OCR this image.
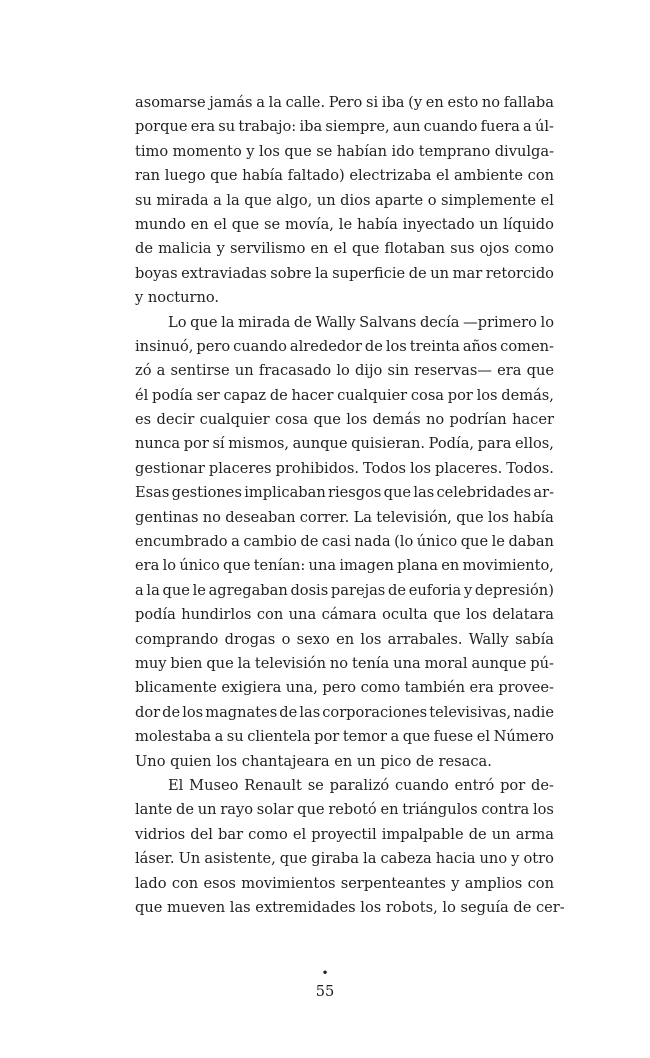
asomarse jamás a la calle. Pero si iba (y en esto no fallaba
porque era su trabajo: iba siempre, aun cuando fuera a úl-
timo momento y los que se habían ido temprano divulga-
ran luego que había faltado) electrizaba el ambiente con
su mirada a la que algo, un dios aparte o simplemente el
mundo en el que se movía, le había inyectado un líquido
de malicia y servilismo en el que flotaban sus ojos como
boyas extraviadas sobre la superficie de un mar retorcido
y nocturno.
Lo que la mirada de Wally Salvans decía —primero lo
insinuó, pero cuando alrededor de los treinta años comen-
zó a sentirse un fracasado lo dijo sin reservas— era que
él podía ser capaz de hacer cualquier cosa por los demás,
es decir cualquier cosa que los demás no podrían hacer
nunca por sí mismos, aunque quisieran. Podía, para ellos,
gestionar placeres prohibidos. Todos los placeres. Todos.
Esas gestiones implicaban riesgos que las celebridades ar-
gentinas no deseaban correr. La televisión, que los había
encumbrado a cambio de casi nada (lo único que le daban
era lo único que tenían: una imagen plana en movimiento,
a la que le agregaban dosis parejas de euforia y depresión)
podía hundirlos con una cámara oculta que los delatara
comprando drogas o sexo en los arrabales. Wally sabía
muy bien que la televisión no tenía una moral aunque pú-
blicamente exigiera una, pero como también era provee-
dor de los magnates de las corporaciones televisivas, nadie
molestaba a su clientela por temor a que fuese el Número
Uno quien los chantajeara en un pico de resaca.
El Museo Renault se paralizó cuando entró por de-
lante de un rayo solar que rebotó en triángulos contra los
vidrios del bar como el proyectil impalpable de un arma
láser. Un asistente, que giraba la cabeza hacia uno y otro
lado con esos movimientos serpenteantes y amplios con
que mueven las extremidades los robots, lo seguía de cer-
•
55
